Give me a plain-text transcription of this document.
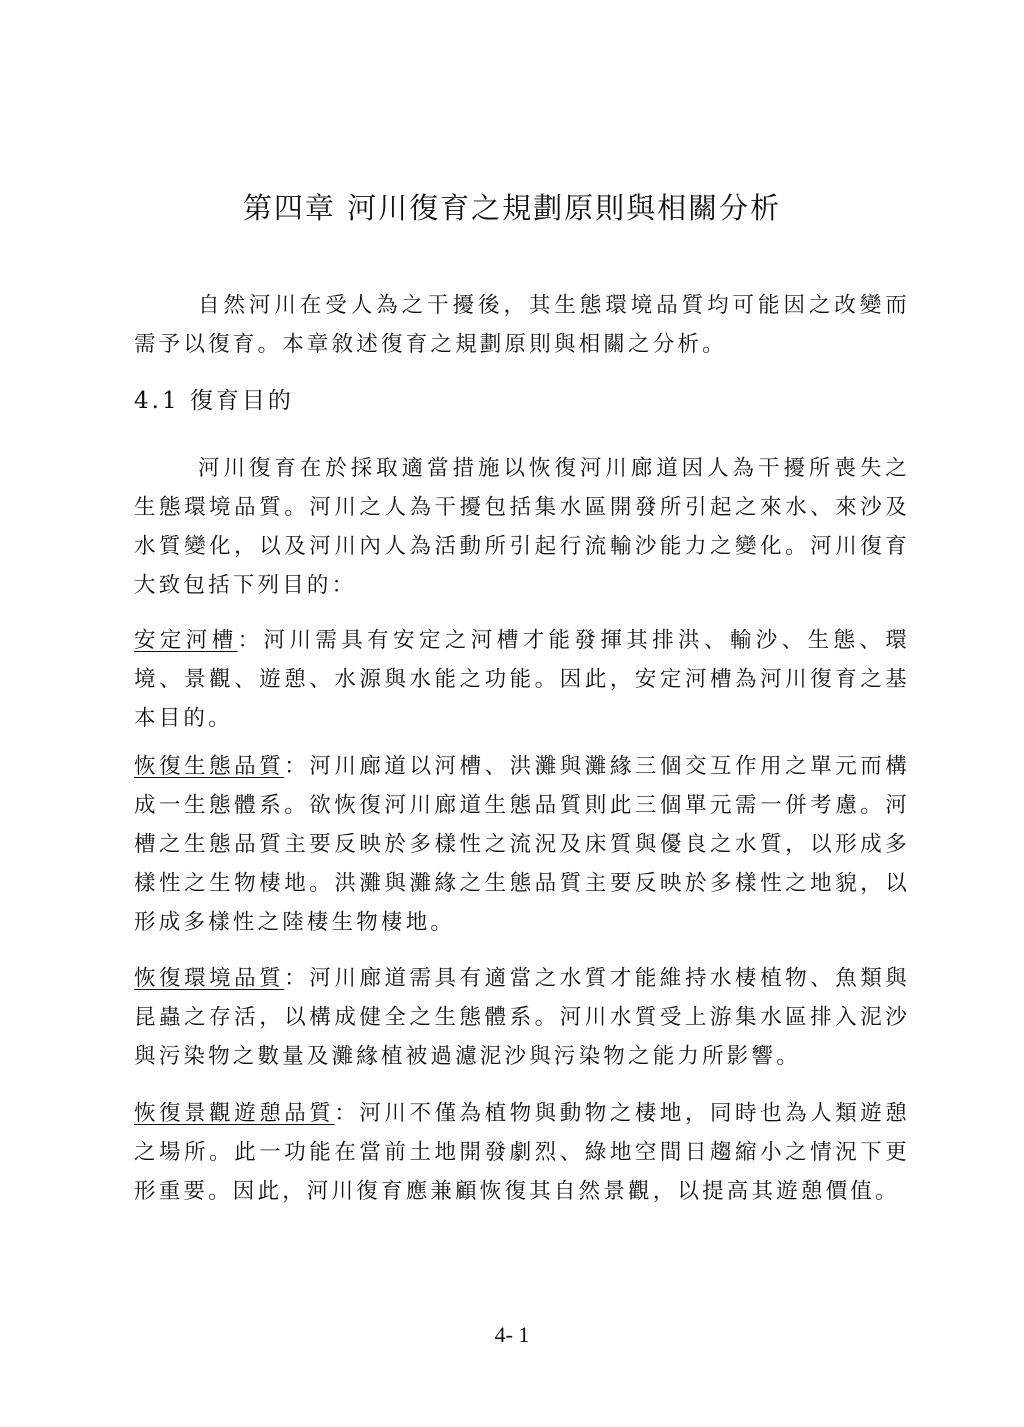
第四章 河川復育之規劃原則與相關分析

自然河川在受人為之干擾後，其生態環境品質均可能因之改變而需予以復育。本章敘述復育之規劃原則與相關之分析。

4.1 復育目的

河川復育在於採取適當措施以恢復河川廊道因人為干擾所喪失之生態環境品質。河川之人為干擾包括集水區開發所引起之來水、來沙及水質變化，以及河川內人為活動所引起行流輸沙能力之變化。河川復育大致包括下列目的：

安定河槽：河川需具有安定之河槽才能發揮其排洪、輸沙、生態、環境、景觀、遊憩、水源與水能之功能。因此，安定河槽為河川復育之基本目的。

恢復生態品質：河川廊道以河槽、洪灘與灘緣三個交互作用之單元而構成一生態體系。欲恢復河川廊道生態品質則此三個單元需一併考慮。河槽之生態品質主要反映於多樣性之流況及床質與優良之水質，以形成多樣性之生物棲地。洪灘與灘緣之生態品質主要反映於多樣性之地貌，以形成多樣性之陸棲生物棲地。

恢復環境品質：河川廊道需具有適當之水質才能維持水棲植物、魚類與昆蟲之存活，以構成健全之生態體系。河川水質受上游集水區排入泥沙與污染物之數量及灘緣植被過濾泥沙與污染物之能力所影響。

恢復景觀遊憩品質：河川不僅為植物與動物之棲地，同時也為人類遊憩之場所。此一功能在當前土地開發劇烈、綠地空間日趨縮小之情況下更形重要。因此，河川復育應兼顧恢復其自然景觀，以提高其遊憩價值。

4- 1
